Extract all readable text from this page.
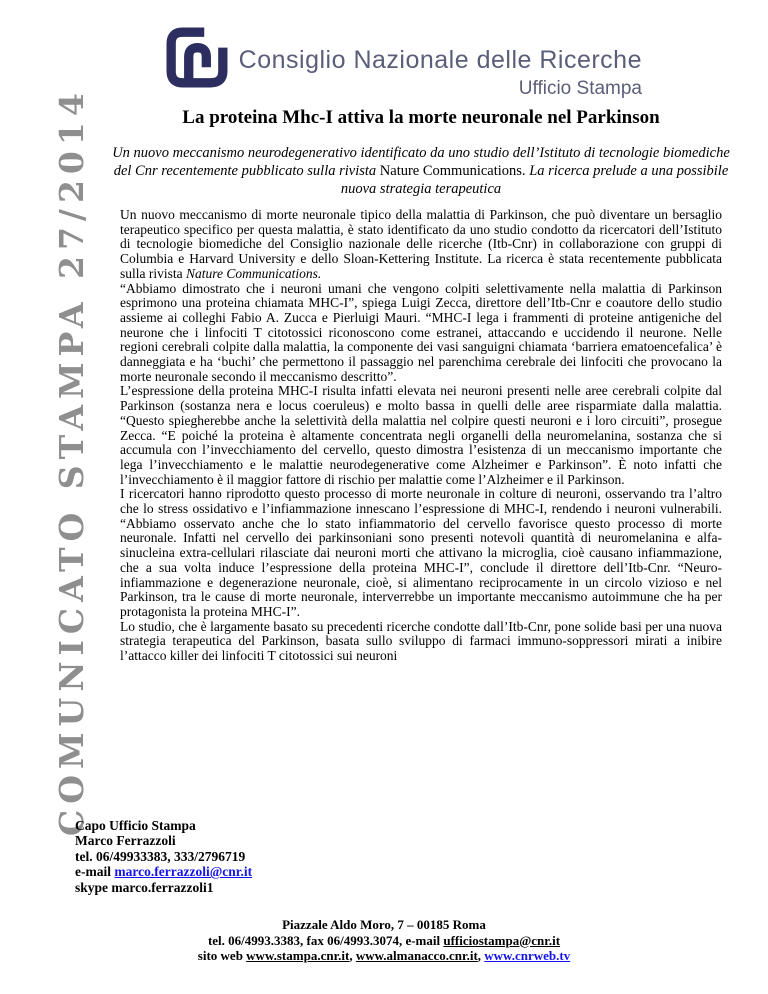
Consiglio Nazionale delle Ricerche
Ufficio Stampa
COMUNICATO STAMPA 27/2014	La proteina Mhc-I attiva la morte neuronale nel Parkinson
Un nuovo meccanismo neurodegenerativo identificato da uno studio dell’Istituto di tecnologie biomediche del Cnr recentemente pubblicato sulla rivista Nature Communications. La ricerca prelude a una possibile nuova strategia terapeutica

Un nuovo meccanismo di morte neuronale tipico della malattia di Parkinson, che può diventare un bersaglio terapeutico specifico per questa malattia, è stato identificato da uno studio condotto da ricercatori dell’Istituto di tecnologie biomediche del Consiglio nazionale delle ricerche (Itb-Cnr) in collaborazione con gruppi di Columbia e Harvard University e dello Sloan-Kettering Institute. La ricerca è stata recentemente pubblicata sulla rivista Nature Communications.

“Abbiamo dimostrato che i neuroni umani che vengono colpiti selettivamente nella malattia di Parkinson esprimono una proteina chiamata MHC-I”, spiega Luigi Zecca, direttore dell’Itb-Cnr e coautore dello studio assieme ai colleghi Fabio A. Zucca e Pierluigi Mauri. “MHC-I lega i frammenti di proteine antigeniche del neurone che i linfociti T citotossici riconoscono come estranei, attaccando e uccidendo il neurone. Nelle regioni cerebrali colpite dalla malattia, la componente dei vasi sanguigni chiamata ‘barriera ematoencefalica’ è danneggiata e ha ‘buchi’ che permettono il passaggio nel parenchima cerebrale dei linfociti che provocano la morte neuronale secondo il meccanismo descritto”.

L’espressione della proteina MHC-I risulta infatti elevata nei neuroni presenti nelle aree cerebrali colpite dal Parkinson (sostanza nera e locus coeruleus) e molto bassa in quelli delle aree risparmiate dalla malattia. “Questo spiegherebbe anche la selettività della malattia nel colpire questi neuroni e i loro circuiti”, prosegue Zecca. “E poiché la proteina è altamente concentrata negli organelli della neuromelanina, sostanza che si accumula con l’invecchiamento del cervello, questo dimostra l’esistenza di un meccanismo importante che lega l’invecchiamento e le malattie neurodegenerative come Alzheimer e Parkinson”. È noto infatti che l’invecchiamento è il maggior fattore di rischio per malattie come l’Alzheimer e il Parkinson.

I ricercatori hanno riprodotto questo processo di morte neuronale in colture di neuroni, osservando tra l’altro che lo stress ossidativo e l’infiammazione innescano l’espressione di MHC-I, rendendo i neuroni vulnerabili. “Abbiamo osservato anche che lo stato infiammatorio del cervello favorisce questo processo di morte neuronale. Infatti nel cervello dei parkinsoniani sono presenti notevoli quantità di neuromelanina e alfa-sinucleina extra-cellulari rilasciate dai neuroni morti che attivano la microglia, cioè causano infiammazione, che a sua volta induce l’espressione della proteina MHC-I”, conclude il direttore dell’Itb-Cnr. “Neuro-infiammazione e degenerazione neuronale, cioè, si alimentano reciprocamente in un circolo vizioso e nel Parkinson, tra le cause di morte neuronale, interverrebbe un importante meccanismo autoimmune che ha per protagonista la proteina MHC-I”.

Lo studio, che è largamente basato su precedenti ricerche condotte dall’Itb-Cnr, pone solide basi per una nuova strategia terapeutica del Parkinson, basata sullo sviluppo di farmaci immuno-soppressori mirati a inibire l’attacco killer dei linfociti T citotossici sui neuroni

Capo Ufficio Stampa
Marco Ferrazzoli
tel. 06/49933383, 333/2796719
e-mail marco.ferrazzoli@cnr.it
skype marco.ferrazzoli1
Piazzale Aldo Moro, 7 – 00185 Roma
tel. 06/4993.3383, fax 06/4993.3074, e-mail ufficiostampa@cnr.it
sito web www.stampa.cnr.it, www.almanacco.cnr.it, www.cnrweb.tv
